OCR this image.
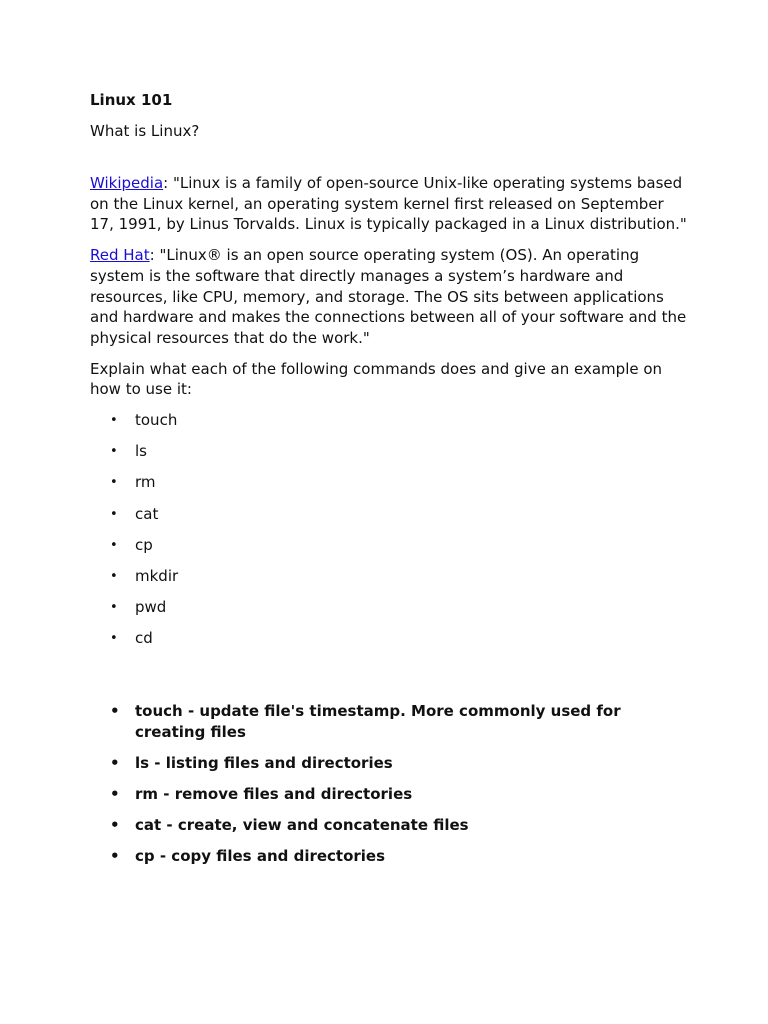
Linux 101

What is Linux?

Wikipedia: "Linux is a family of open-source Unix-like operating systems based on the Linux kernel, an operating system kernel first released on September 17, 1991, by Linus Torvalds. Linux is typically packaged in a Linux distribution."

Red Hat: "Linux® is an open source operating system (OS). An operating system is the software that directly manages a system’s hardware and resources, like CPU, memory, and storage. The OS sits between applications and hardware and makes the connections between all of your software and the physical resources that do the work."

Explain what each of the following commands does and give an example on how to use it:

• touch
• ls
• rm
• cat
• cp
• mkdir
• pwd
• cd
• touch - update file's timestamp. More commonly used for creating files
• ls - listing files and directories
• rm - remove files and directories
• cat - create, view and concatenate files
• cp - copy files and directories
